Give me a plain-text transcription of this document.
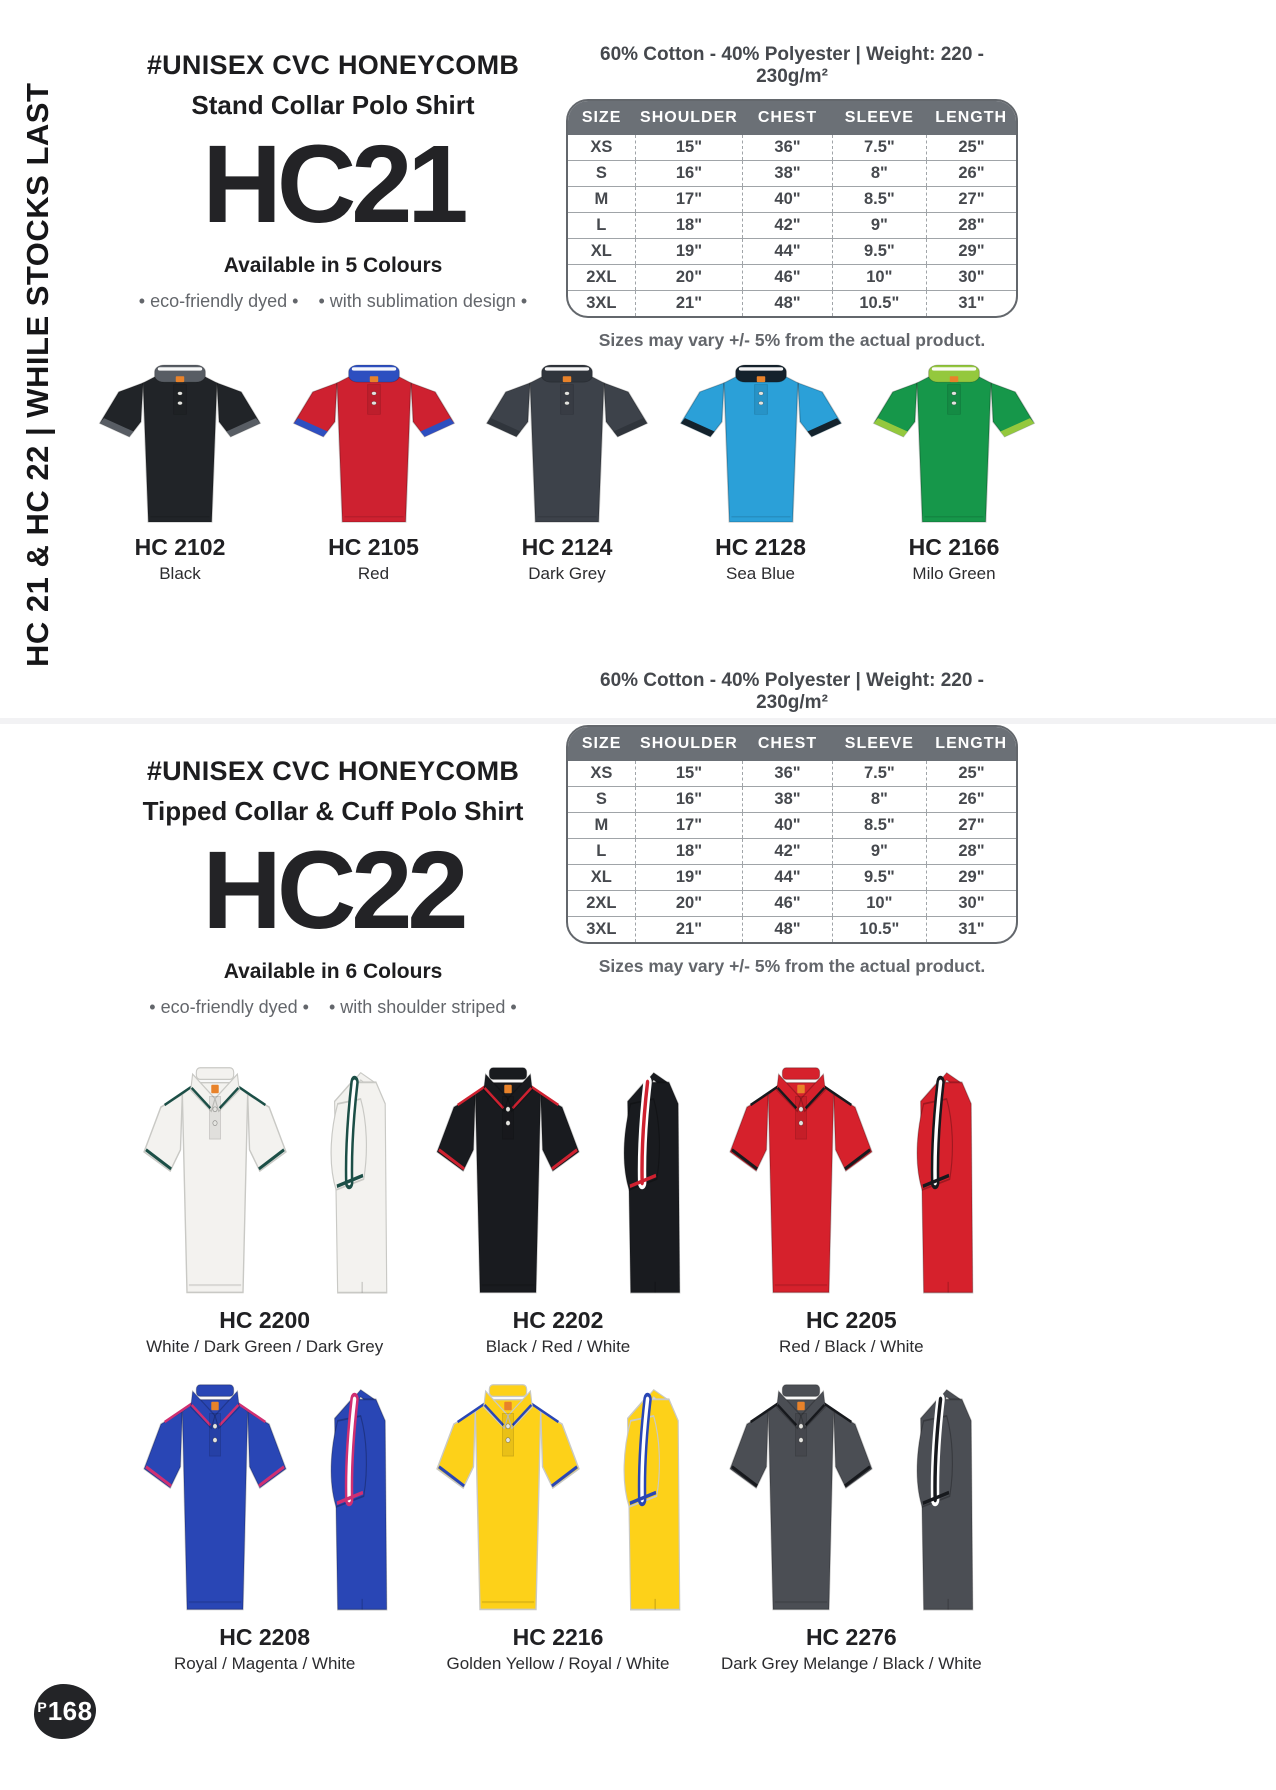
HC 21 & HC 22 | WHILE STOCKS LAST
#UNISEX CVC HONEYCOMB
Stand Collar Polo Shirt
HC21
Available in 5 Colours
• eco-friendly dyed • • with sublimation design •
60% Cotton - 40% Polyester | Weight: 220 - 230g/m²
SIZE	SHOULDER	CHEST	SLEEVE	LENGTH
XS	15"	36"	7.5"	25"
S	16"	38"	8"	26"
M	17"	40"	8.5"	27"
L	18"	42"	9"	28"
XL	19"	44"	9.5"	29"
2XL	20"	46"	10"	30"
3XL	21"	48"	10.5"	31"
Sizes may vary +/- 5% from the actual product.
HC 2102
Black
HC 2105
Red
HC 2124
Dark Grey
HC 2128
Sea Blue
HC 2166
Milo Green
#UNISEX CVC HONEYCOMB
Tipped Collar & Cuff Polo Shirt
HC22
Available in 6 Colours
• eco-friendly dyed • • with shoulder striped •
60% Cotton - 40% Polyester | Weight: 220 - 230g/m²
SIZE	SHOULDER	CHEST	SLEEVE	LENGTH
XS	15"	36"	7.5"	25"
S	16"	38"	8"	26"
M	17"	40"	8.5"	27"
L	18"	42"	9"	28"
XL	19"	44"	9.5"	29"
2XL	20"	46"	10"	30"
3XL	21"	48"	10.5"	31"
Sizes may vary +/- 5% from the actual product.
HC 2200
White / Dark Green / Dark Grey
HC 2202
Black / Red / White
HC 2205
Red / Black / White
HC 2208
Royal / Magenta / White
HC 2216
Golden Yellow / Royal / White
HC 2276
Dark Grey Melange / Black / White
P 168
